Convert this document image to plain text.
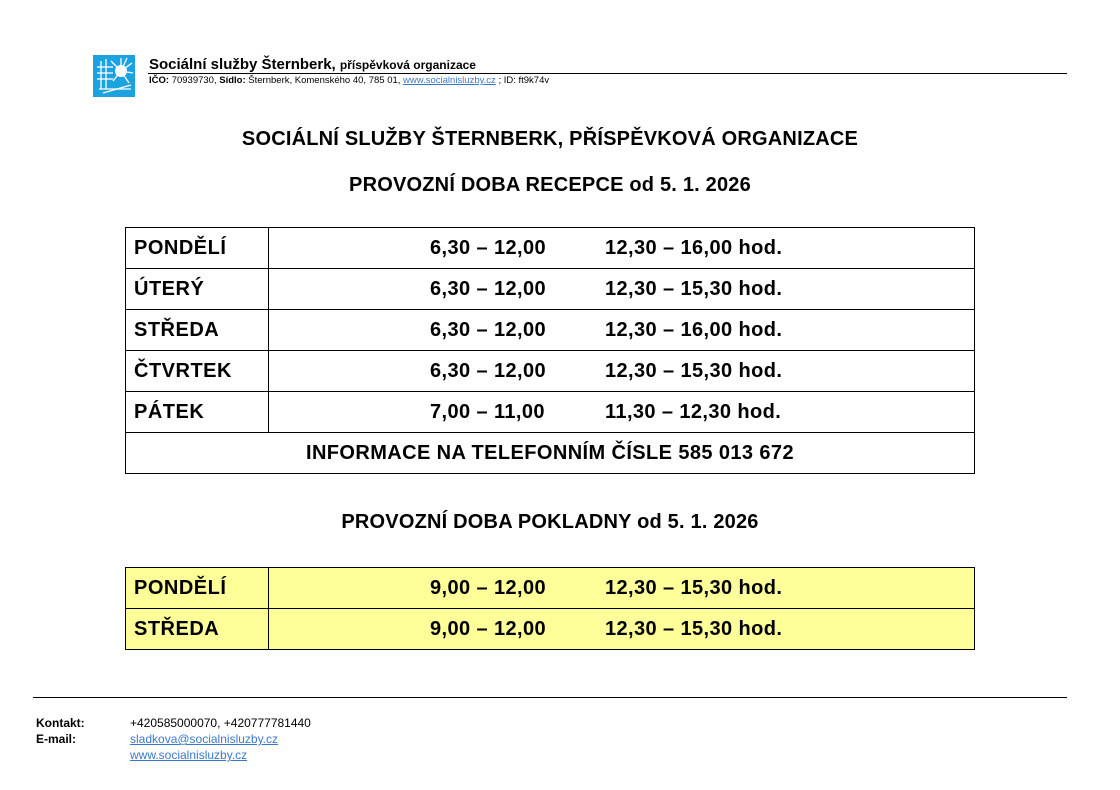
Sociální služby Šternberk, příspěvková organizace
IČO: 70939730, Sídlo: Šternberk, Komenského 40, 785 01, www.socialnisluzby.cz ; ID: ft9k74v
SOCIÁLNÍ SLUŽBY ŠTERNBERK, PŘÍSPĚVKOVÁ ORGANIZACE
PROVOZNÍ DOBA RECEPCE od 5. 1. 2026
PONDĚLÍ	6,30 – 12,00 12,30 – 16,00 hod.

ÚTERÝ	6,30 – 12,00 12,30 – 15,30 hod.

STŘEDA	6,30 – 12,00 12,30 – 16,00 hod.

ČTVRTEK	6,30 – 12,00 12,30 – 15,30 hod.

PÁTEK	7,00 – 11,00 11,30 – 12,30 hod.

INFORMACE NA TELEFONNÍM ČÍSLE 585 013 672	
PROVOZNÍ DOBA POKLADNY od 5. 1. 2026
PONDĚLÍ	9,00 – 12,00 12,30 – 15,30 hod.

STŘEDA	9,00 – 12,00 12,30 – 15,30 hod.
Kontakt:	+420585000070, +420777781440
E-mail:	sladkova@socialnisluzby.cz
www.socialnisluzby.cz
